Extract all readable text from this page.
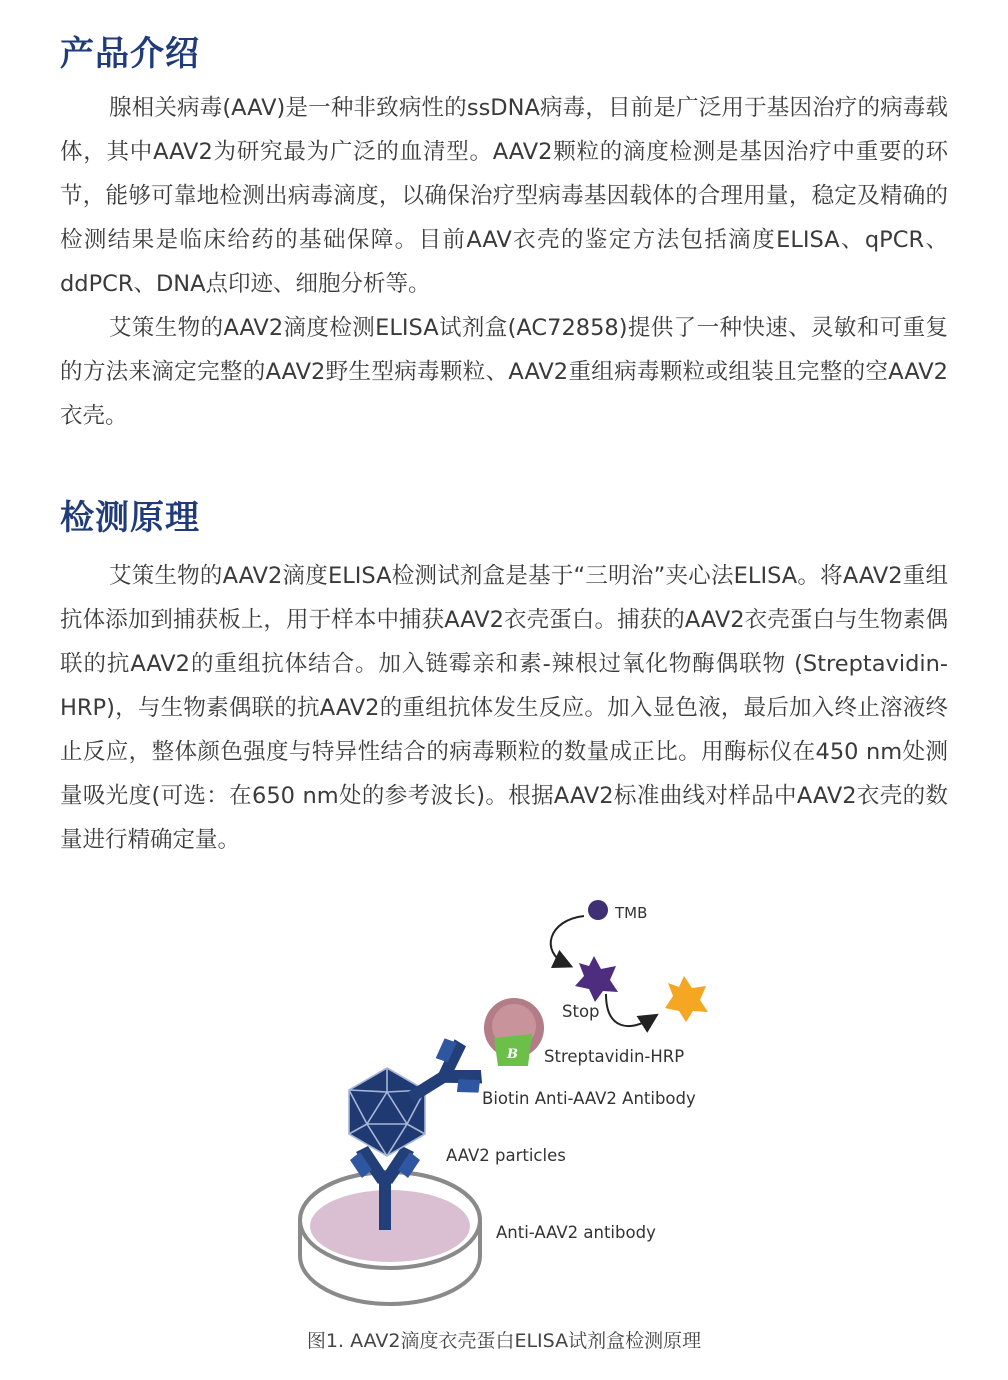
产品介绍

腺相关病毒(AAV)是一种非致病性的ssDNA病毒，目前是广泛用于基因治疗的病毒载体，其中AAV2为研究最为广泛的血清型。AAV2颗粒的滴度检测是基因治疗中重要的环节，能够可靠地检测出病毒滴度，以确保治疗型病毒基因载体的合理用量，稳定及精确的检测结果是临床给药的基础保障。目前AAV衣壳的鉴定方法包括滴度ELISA、qPCR、ddPCR、DNA点印迹、细胞分析等。

艾策生物的AAV2滴度检测ELISA试剂盒(AC72858)提供了一种快速、灵敏和可重复的方法来滴定完整的AAV2野生型病毒颗粒、AAV2重组病毒颗粒或组装且完整的空AAV2衣壳。

检测原理

艾策生物的AAV2滴度ELISA检测试剂盒是基于“三明治”夹心法ELISA。将AAV2重组抗体添加到捕获板上，用于样本中捕获AAV2衣壳蛋白。捕获的AAV2衣壳蛋白与生物素偶联的抗AAV2的重组抗体结合。加入链霉亲和素-辣根过氧化物酶偶联物 (Streptavidin-HRP)，与生物素偶联的抗AAV2的重组抗体发生反应。加入显色液，最后加入终止溶液终止反应，整体颜色强度与特异性结合的病毒颗粒的数量成正比。用酶标仪在450 nm处测量吸光度(可选：在650 nm处的参考波长)。根据AAV2标准曲线对样品中AAV2衣壳的数量进行精确定量。

B
TMB
Stop
Streptavidin-HRP
Biotin Anti-AAV2 Antibody
AAV2 particles
Anti-AAV2 antibody

图1. AAV2滴度衣壳蛋白ELISA试剂盒检测原理
